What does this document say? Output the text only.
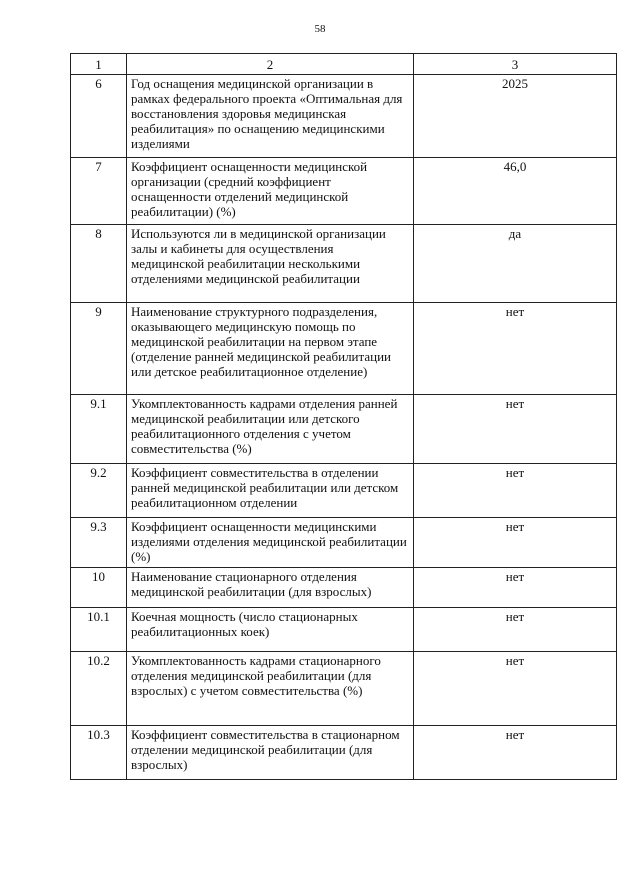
58
1	2	3
6	Год оснащения медицинской организации в рамках федерального проекта «Оптимальная для восстановления здоровья медицинская реабилитация» по оснащению медицинскими изделиями	2025
7	Коэффициент оснащенности медицинской организации (средний коэффициент оснащенности отделений медицинской реабилитации) (%)	46,0
8	Используются ли в медицинской организации залы и кабинеты для осуществления медицинской реабилитации несколькими отделениями медицинской реабилитации	да
9	Наименование структурного подразделения, оказывающего медицинскую помощь по медицинской реабилитации на первом этапе (отделение ранней медицинской реабилитации или детское реабилитационное отделение)	нет
9.1	Укомплектованность кадрами отделения ранней медицинской реабилитации или детского реабилитационного отделения с учетом совместительства (%)	нет
9.2	Коэффициент совместительства в отделении ранней медицинской реабилитации или детском реабилитационном отделении	нет
9.3	Коэффициент оснащенности медицинскими изделиями отделения медицинской реабилитации (%)	нет
10	Наименование стационарного отделения медицинской реабилитации (для взрослых)	нет
10.1	Коечная мощность (число стационарных реабилитационных коек)	нет
10.2	Укомплектованность кадрами стационарного отделения медицинской реабилитации (для взрослых) с учетом совместительства (%)	нет
10.3	Коэффициент совместительства в стационарном отделении медицинской реабилитации (для взрослых)	нет
